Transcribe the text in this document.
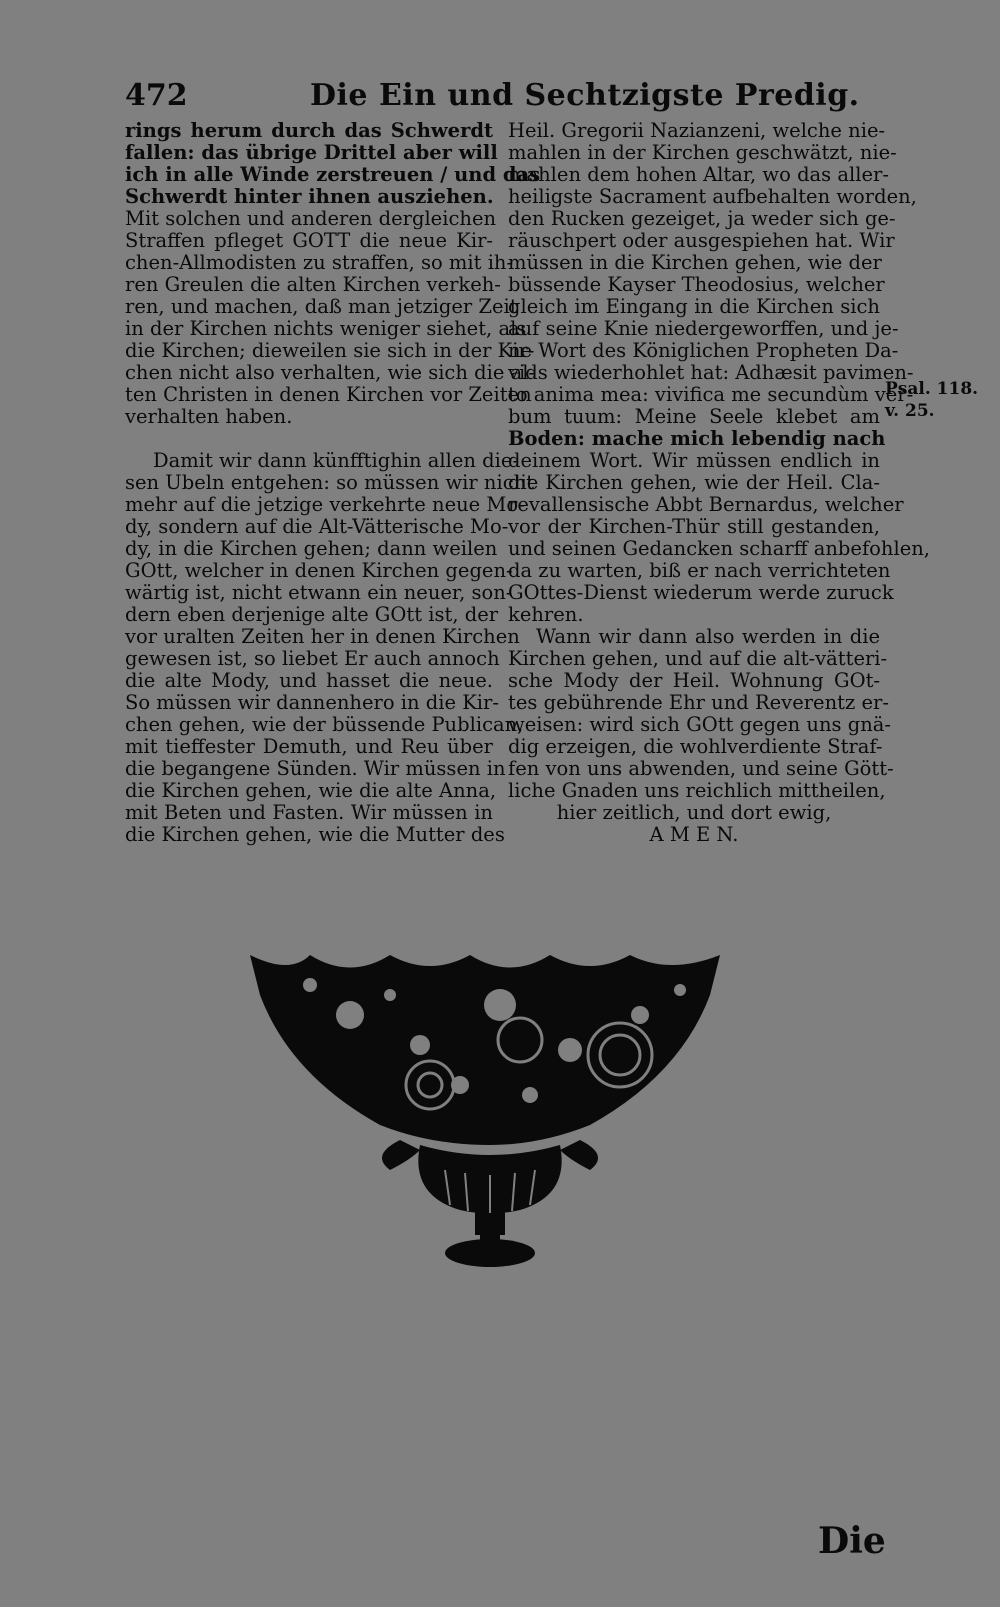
472	Die Ein und Sechtzigste Predig.
rings herum durch das Schwerdt
fallen: das übrige Drittel aber will
ich in alle Winde zerstreuen / und das
Schwerdt hinter ihnen ausziehen.
Mit solchen und anderen dergleichen
Straffen pfleget GOTT die neue Kir-
chen-Allmodisten zu straffen, so mit ih-
ren Greulen die alten Kirchen verkeh-
ren, und machen, daß man jetziger Zeit
in der Kirchen nichts weniger siehet, als
die Kirchen; dieweilen sie sich in der Kir-
chen nicht also verhalten, wie sich die al-
ten Christen in denen Kirchen vor Zeiten
verhalten haben.
Damit wir dann künfftighin allen die-
sen Ubeln entgehen: so müssen wir nicht
mehr auf die jetzige verkehrte neue Mo-
dy, sondern auf die Alt-Vätterische Mo-
dy, in die Kirchen gehen; dann weilen
GOtt, welcher in denen Kirchen gegen-
wärtig ist, nicht etwann ein neuer, son-
dern eben derjenige alte GOtt ist, der
vor uralten Zeiten her in denen Kirchen
gewesen ist, so liebet Er auch annoch
die alte Mody, und hasset die neue.
So müssen wir dannenhero in die Kir-
chen gehen, wie der büssende Publican,
mit tieffester Demuth, und Reu über
die begangene Sünden. Wir müssen in
die Kirchen gehen, wie die alte Anna,
mit Beten und Fasten. Wir müssen in
die Kirchen gehen, wie die Mutter des
Heil. Gregorii Nazianzeni, welche nie-
mahlen in der Kirchen geschwätzt, nie-
mahlen dem hohen Altar, wo das aller-
heiligste Sacrament aufbehalten worden,
den Rucken gezeiget, ja weder sich ge-
räuschpert oder ausgespiehen hat. Wir
müssen in die Kirchen gehen, wie der
büssende Kayser Theodosius, welcher
gleich im Eingang in die Kirchen sich
auf seine Knie niedergeworffen, und je-
ne Wort des Königlichen Propheten Da-
vids wiederhohlet hat: Adhæsit pavimen-
to anima mea: vivifica me secundùm ver-
bum tuum: Meine Seele klebet am
Boden: mache mich lebendig nach
deinem Wort. Wir müssen endlich in
die Kirchen gehen, wie der Heil. Cla-
revallensische Abbt Bernardus, welcher
vor der Kirchen-Thür still gestanden,
und seinen Gedancken scharff anbefohlen,
da zu warten, biß er nach verrichteten
GOttes-Dienst wiederum werde zuruck
kehren.
Wann wir dann also werden in die
Kirchen gehen, und auf die alt-vätteri-
sche Mody der Heil. Wohnung GOt-
tes gebührende Ehr und Reverentz er-
weisen: wird sich GOtt gegen uns gnä-
dig erzeigen, die wohlverdiente Straf-
fen von uns abwenden, und seine Gött-
liche Gnaden uns reichlich mittheilen,
hier zeitlich, und dort ewig,
A M E N.
Psal. 118.
v. 25.
Die
